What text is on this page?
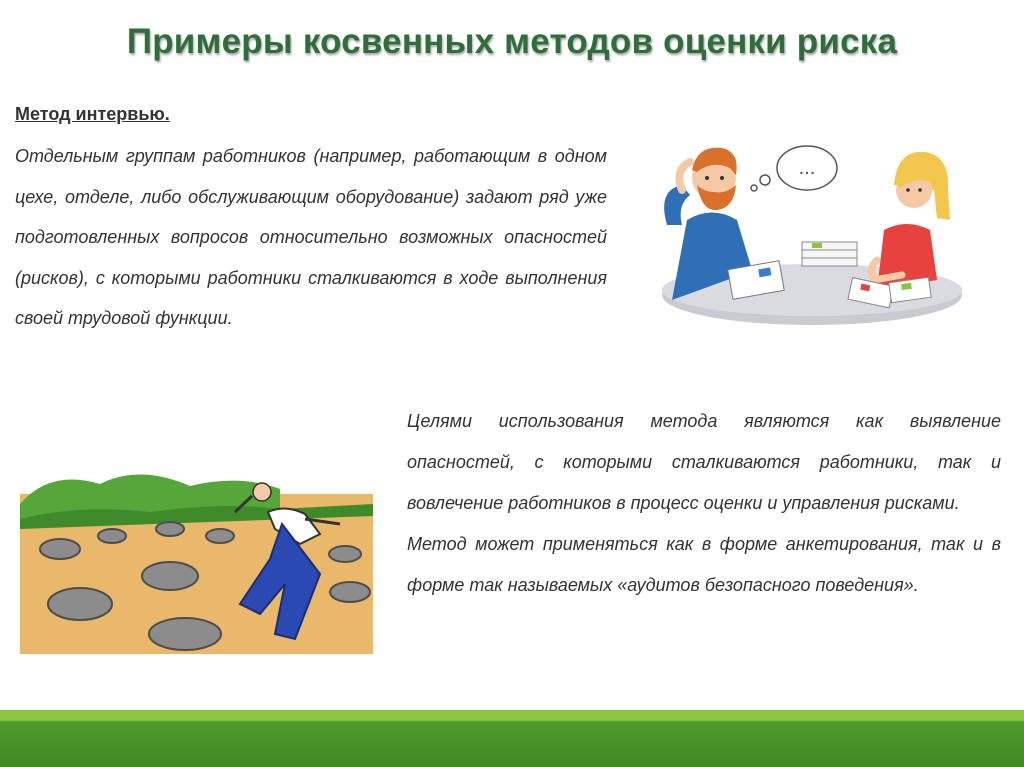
Примеры косвенных методов оценки риска
Метод интервью.
Отдельным группам работников (например, работающим в одном цехе, отделе, либо обслуживающим оборудование) задают ряд уже подготовленных вопросов относительно возможных опасностей (рисков), с которыми работники сталкиваются в ходе выполнения своей трудовой функции.
...

Целями использования метода являются как выявление опасностей, с которыми сталкиваются работники, так и вовлечение работников в процесс оценки и управления рисками.

Метод может применяться как в форме анкетирования, так и в форме так называемых «аудитов безопасного поведения».
